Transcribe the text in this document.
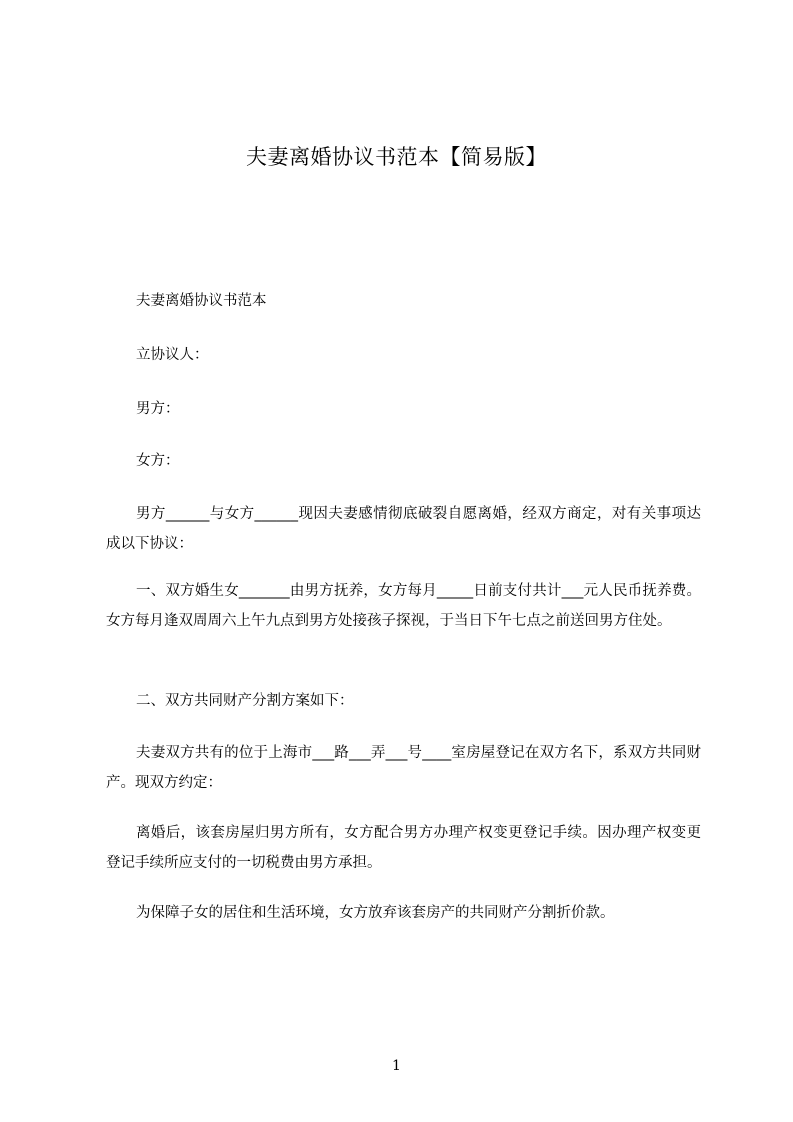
夫妻离婚协议书范本【简易版】
夫妻离婚协议书范本
立协议人：
男方：
女方：
男方______与女方______现因夫妻感情彻底破裂自愿离婚，经双方商定，对有关事项达成以下协议：
一、双方婚生女_______由男方抚养，女方每月_____日前支付共计___元人民币抚养费。女方每月逢双周周六上午九点到男方处接孩子探视，于当日下午七点之前送回男方住处。
二、双方共同财产分割方案如下：
夫妻双方共有的位于上海市___路___弄___号____室房屋登记在双方名下，系双方共同财产。现双方约定：
离婚后，该套房屋归男方所有，女方配合男方办理产权变更登记手续。因办理产权变更登记手续所应支付的一切税费由男方承担。
为保障子女的居住和生活环境，女方放弃该套房产的共同财产分割折价款。
1
